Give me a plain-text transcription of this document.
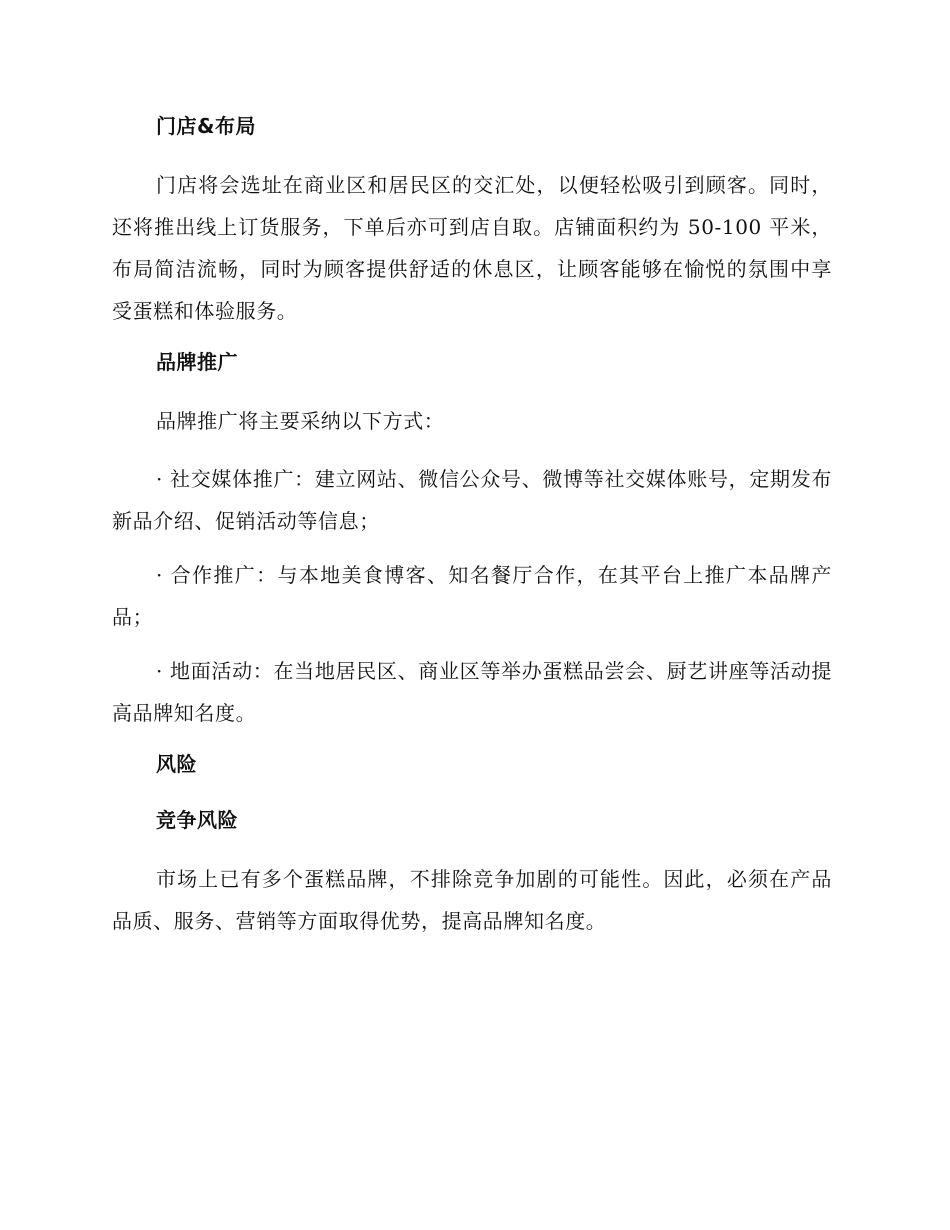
门店&布局

门店将会选址在商业区和居民区的交汇处，以便轻松吸引到顾客。同时，还将推出线上订货服务，下单后亦可到店自取。店铺面积约为 50-100 平米，布局简洁流畅，同时为顾客提供舒适的休息区，让顾客能够在愉悦的氛围中享受蛋糕和体验服务。

品牌推广

品牌推广将主要采纳以下方式：

· 社交媒体推广：建立网站、微信公众号、微博等社交媒体账号，定期发布新品介绍、促销活动等信息；

· 合作推广：与本地美食博客、知名餐厅合作，在其平台上推广本品牌产品；

· 地面活动：在当地居民区、商业区等举办蛋糕品尝会、厨艺讲座等活动提高品牌知名度。

风险
竞争风险

市场上已有多个蛋糕品牌，不排除竞争加剧的可能性。因此，必须在产品品质、服务、营销等方面取得优势，提高品牌知名度。
